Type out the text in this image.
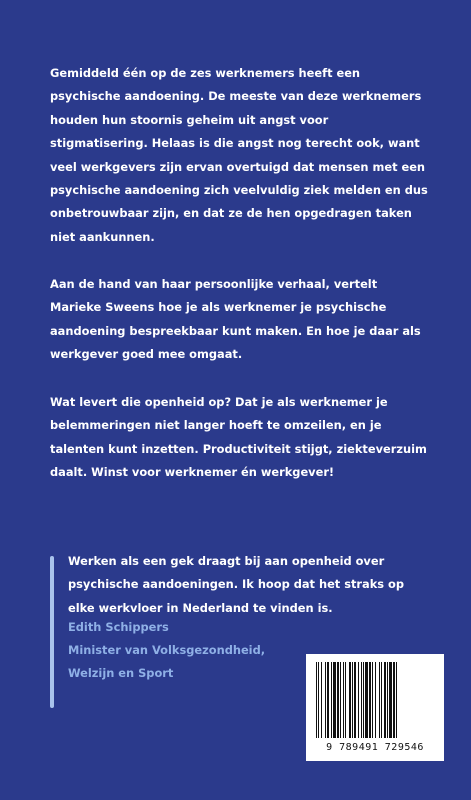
Gemiddeld één op de zes werknemers heeft een psychische aandoening. De meeste van deze werknemers houden hun stoornis geheim uit angst voor stigmatisering. Helaas is die angst nog terecht ook, want veel werkgevers zijn ervan overtuigd dat mensen met een psychische aandoening zich veelvuldig ziek melden en dus onbetrouwbaar zijn, en dat ze de hen opgedragen taken niet aankunnen.

Aan de hand van haar persoonlijke verhaal, vertelt Marieke Sweens hoe je als werknemer je psychische aandoening bespreekbaar kunt maken. En hoe je daar als werkgever goed mee omgaat.

Wat levert die openheid op? Dat je als werknemer je belemmeringen niet langer hoeft te omzeilen, en je talenten kunt inzetten. Productiviteit stijgt, ziekteverzuim daalt. Winst voor werknemer én werkgever!

Werken als een gek draagt bij aan openheid over psychische aandoeningen. Ik hoop dat het straks op elke werkvloer in Nederland te vinden is.

Edith Schippers

Minister van Volksgezondheid,

Welzijn en Sport

9 789491 729546
